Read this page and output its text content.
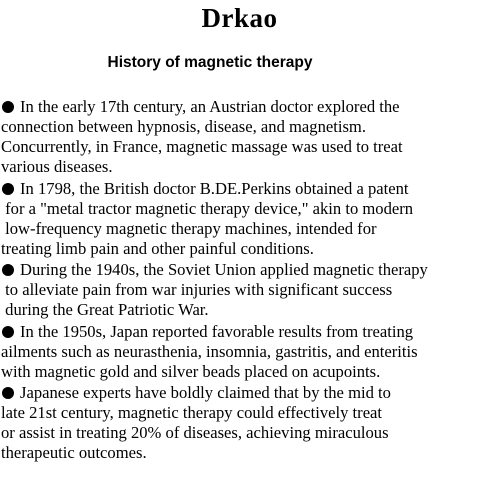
Drkao
History of magnetic therapy
In the early 17th century, an Austrian doctor explored the
connection between hypnosis, disease, and magnetism.
Concurrently, in France, magnetic massage was used to treat
various diseases.
In 1798, the British doctor B.DE.Perkins obtained a patent
for a "metal tractor magnetic therapy device," akin to modern
low-frequency magnetic therapy machines, intended for
treating limb pain and other painful conditions.
During the 1940s, the Soviet Union applied magnetic therapy
to alleviate pain from war injuries with significant success
during the Great Patriotic War.
In the 1950s, Japan reported favorable results from treating
ailments such as neurasthenia, insomnia, gastritis, and enteritis
with magnetic gold and silver beads placed on acupoints.
Japanese experts have boldly claimed that by the mid to
late 21st century, magnetic therapy could effectively treat
or assist in treating 20% of diseases, achieving miraculous
therapeutic outcomes.
